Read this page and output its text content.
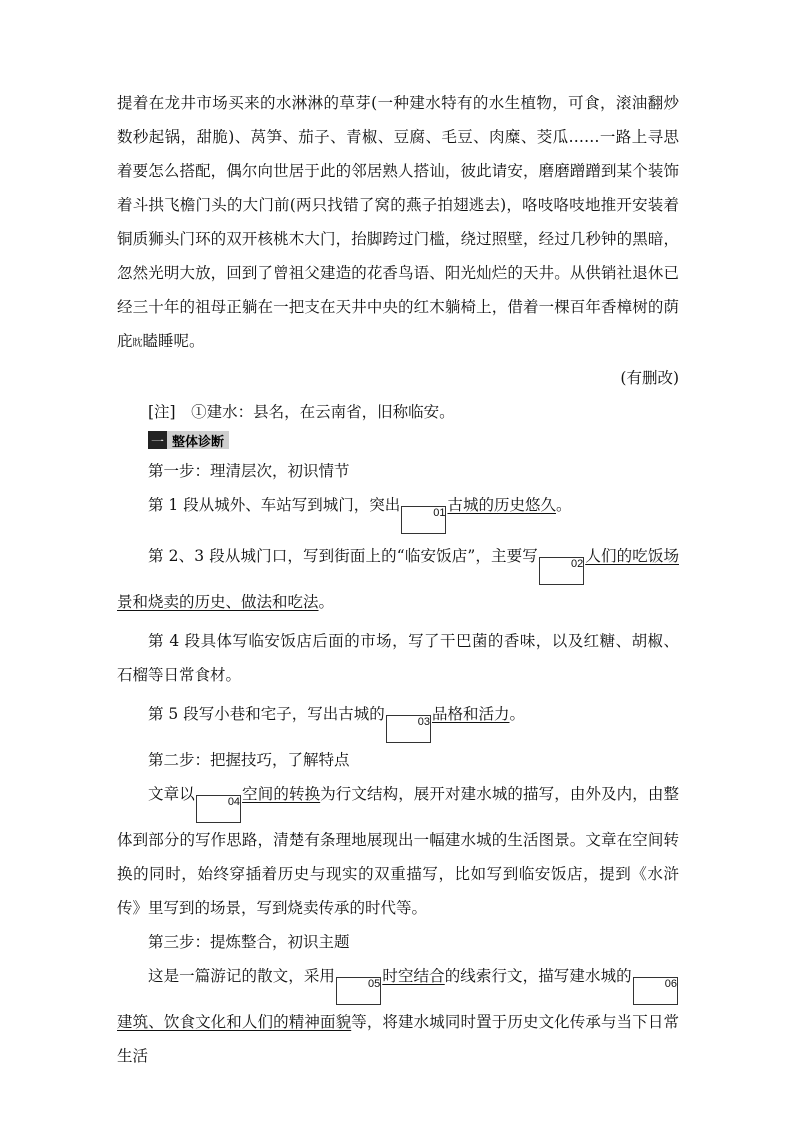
提着在龙井市场买来的水淋淋的草芽(一种建水特有的水生植物，可食，滚油翻炒数秒起锅，甜脆)、莴笋、茄子、青椒、豆腐、毛豆、肉糜、茭瓜……一路上寻思着要怎么搭配，偶尔向世居于此的邻居熟人搭讪，彼此请安，磨磨蹭蹭到某个装饰着斗拱飞檐门头的大门前(两只找错了窝的燕子拍翅逃去)，咯吱咯吱地推开安装着铜质狮头门环的双开核桃木大门，抬脚跨过门槛，绕过照壁，经过几秒钟的黑暗，忽然光明大放，回到了曾祖父建造的花香鸟语、阳光灿烂的天井。从供销社退休已经三十年的祖母正躺在一把支在天井中央的红木躺椅上，借着一棵百年香樟树的荫庇眈瞌睡呢。

(有删改)

[注]　①建水：县名，在云南省，旧称临安。

一 整体诊断

第一步：理清层次，初识情节

第 1 段从城外、车站写到城门，突出	01 古城的历史悠久。

第 2、3 段从城门口，写到街面上的“临安饭店”，主要写	02 人们的吃饭场景和烧卖的历史、做法和吃法。

第 4 段具体写临安饭店后面的市场，写了干巴菌的香味，以及红糖、胡椒、石榴等日常食材。

第 5 段写小巷和宅子，写出古城的	03 品格和活力。

第二步：把握技巧，了解特点

文章以	04 空间的转换为行文结构，展开对建水城的描写，由外及内，由整体到部分的写作思路，清楚有条理地展现出一幅建水城的生活图景。文章在空间转换的同时，始终穿插着历史与现实的双重描写，比如写到临安饭店，提到《水浒传》里写到的场景，写到烧卖传承的时代等。

第三步：提炼整合，初识主题

这是一篇游记的散文，采用	05 时空结合的线索行文，描写建水城的	06建筑、饮食文化和人们的精神面貌等，将建水城同时置于历史文化传承与当下日常生活
